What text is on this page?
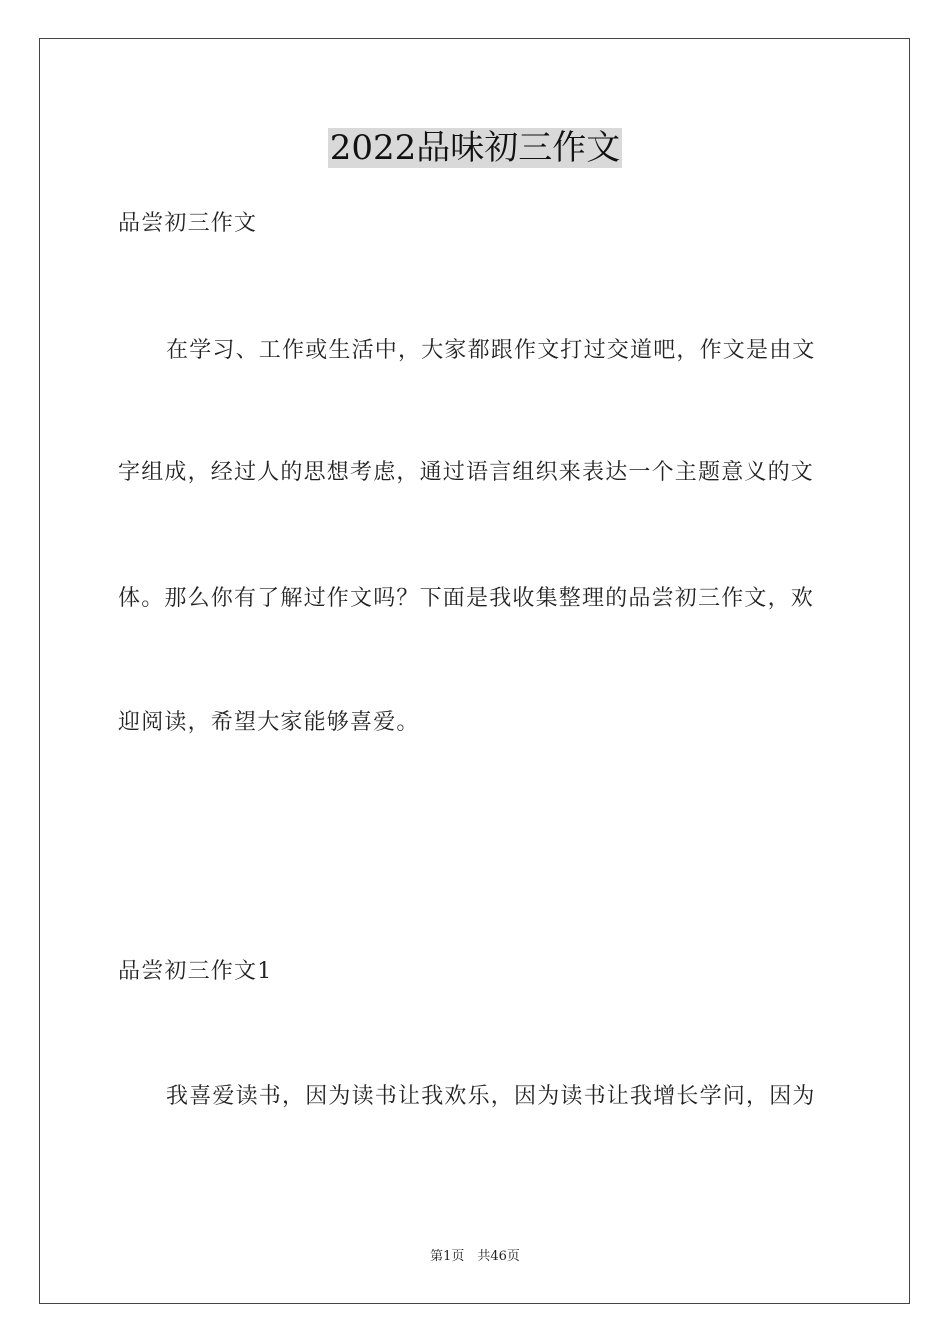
2022品味初三作文
品尝初三作文
在学习、工作或生活中，大家都跟作文打过交道吧，作文是由文
字组成，经过人的思想考虑，通过语言组织来表达一个主题意义的文
体。那么你有了解过作文吗？下面是我收集整理的品尝初三作文，欢
迎阅读，希望大家能够喜爱。
品尝初三作文1
我喜爱读书，因为读书让我欢乐，因为读书让我增长学问，因为
第1页　共46页
